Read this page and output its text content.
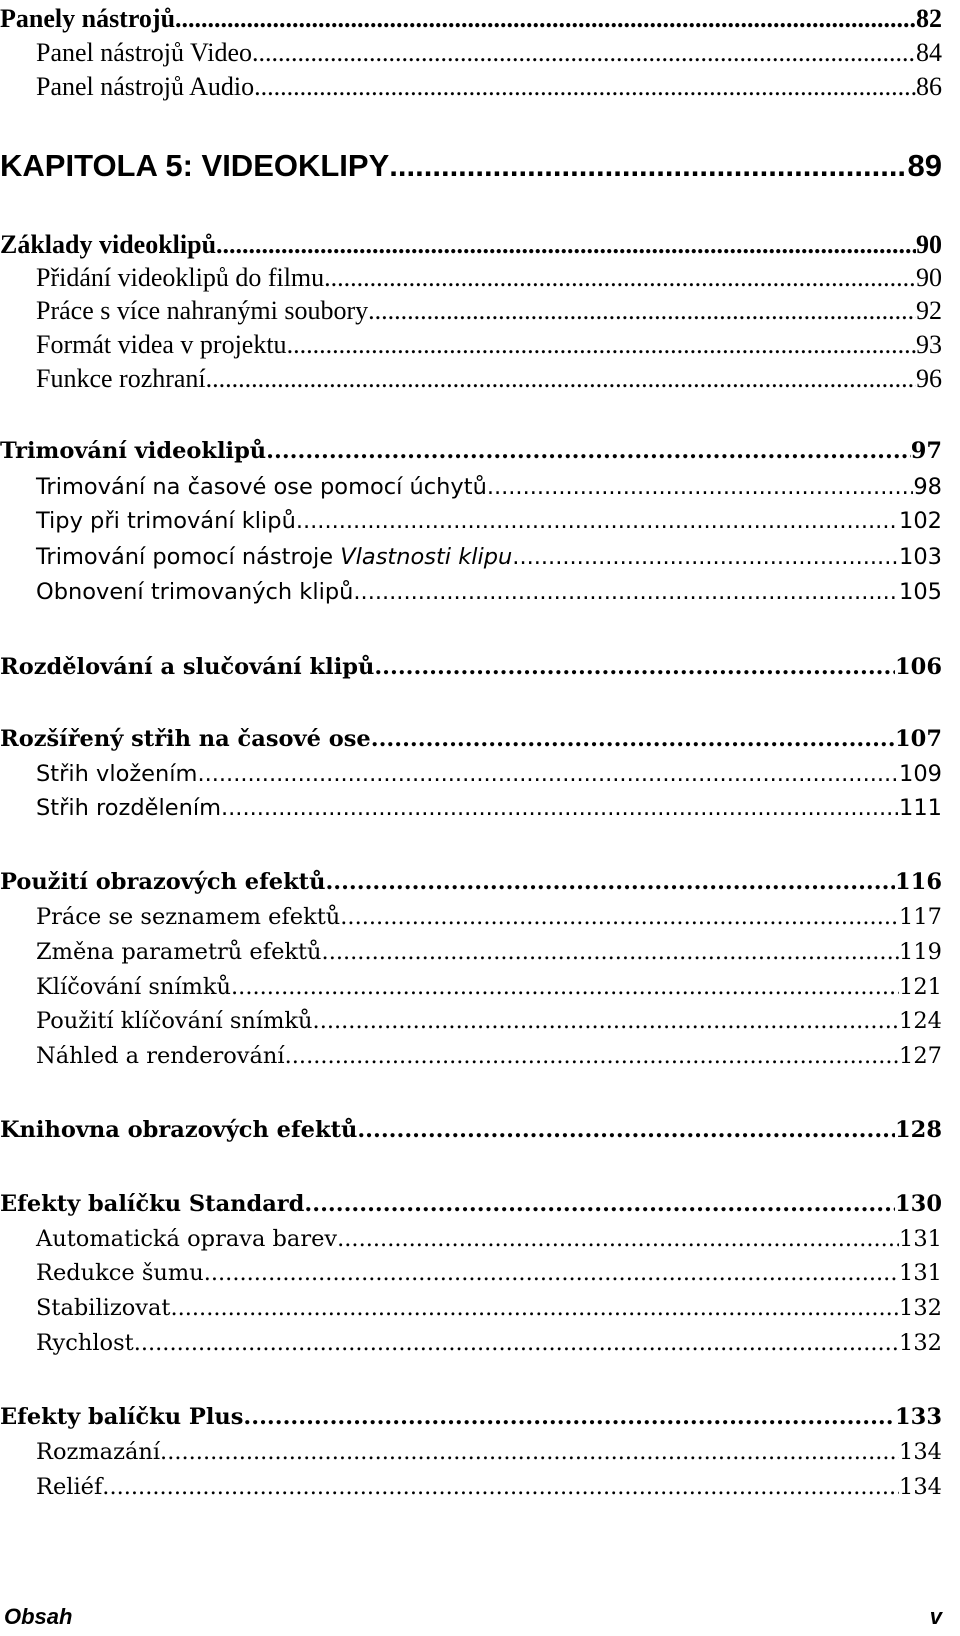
Panely nástrojů .....	82
Panel nástrojů Video .....	84
Panel nástrojů Audio .....	86
KAPITOLA 5: VIDEOKLIPY .....	89
Základy videoklipů .....	90
Přidání videoklipů do filmu .....	90
Práce s více nahranými soubory .....	92
Formát videa v projektu .....	93
Funkce rozhraní .....	96
Trimování videoklipů .....	97
Trimování na časové ose pomocí úchytů .....	98
Tipy při trimování klipů .....	102
Trimování pomocí nástroje Vlastnosti klipu .....	103
Obnovení trimovaných klipů .....	105
Rozdělování a slučování klipů .....	106
Rozšířený střih na časové ose .....	107
Střih vložením .....	109
Střih rozdělením .....	111
Použití obrazových efektů .....	116
Práce se seznamem efektů .....	117
Změna parametrů efektů .....	119
Klíčování snímků .....	121
Použití klíčování snímků .....	124
Náhled a renderování .....	127
Knihovna obrazových efektů .....	128
Efekty balíčku Standard .....	130
Automatická oprava barev .....	131
Redukce šumu .....	131
Stabilizovat .....	132
Rychlost .....	132
Efekty balíčku Plus .....	133
Rozmazání .....	134
Reliéf .....	134
Obsah	v
